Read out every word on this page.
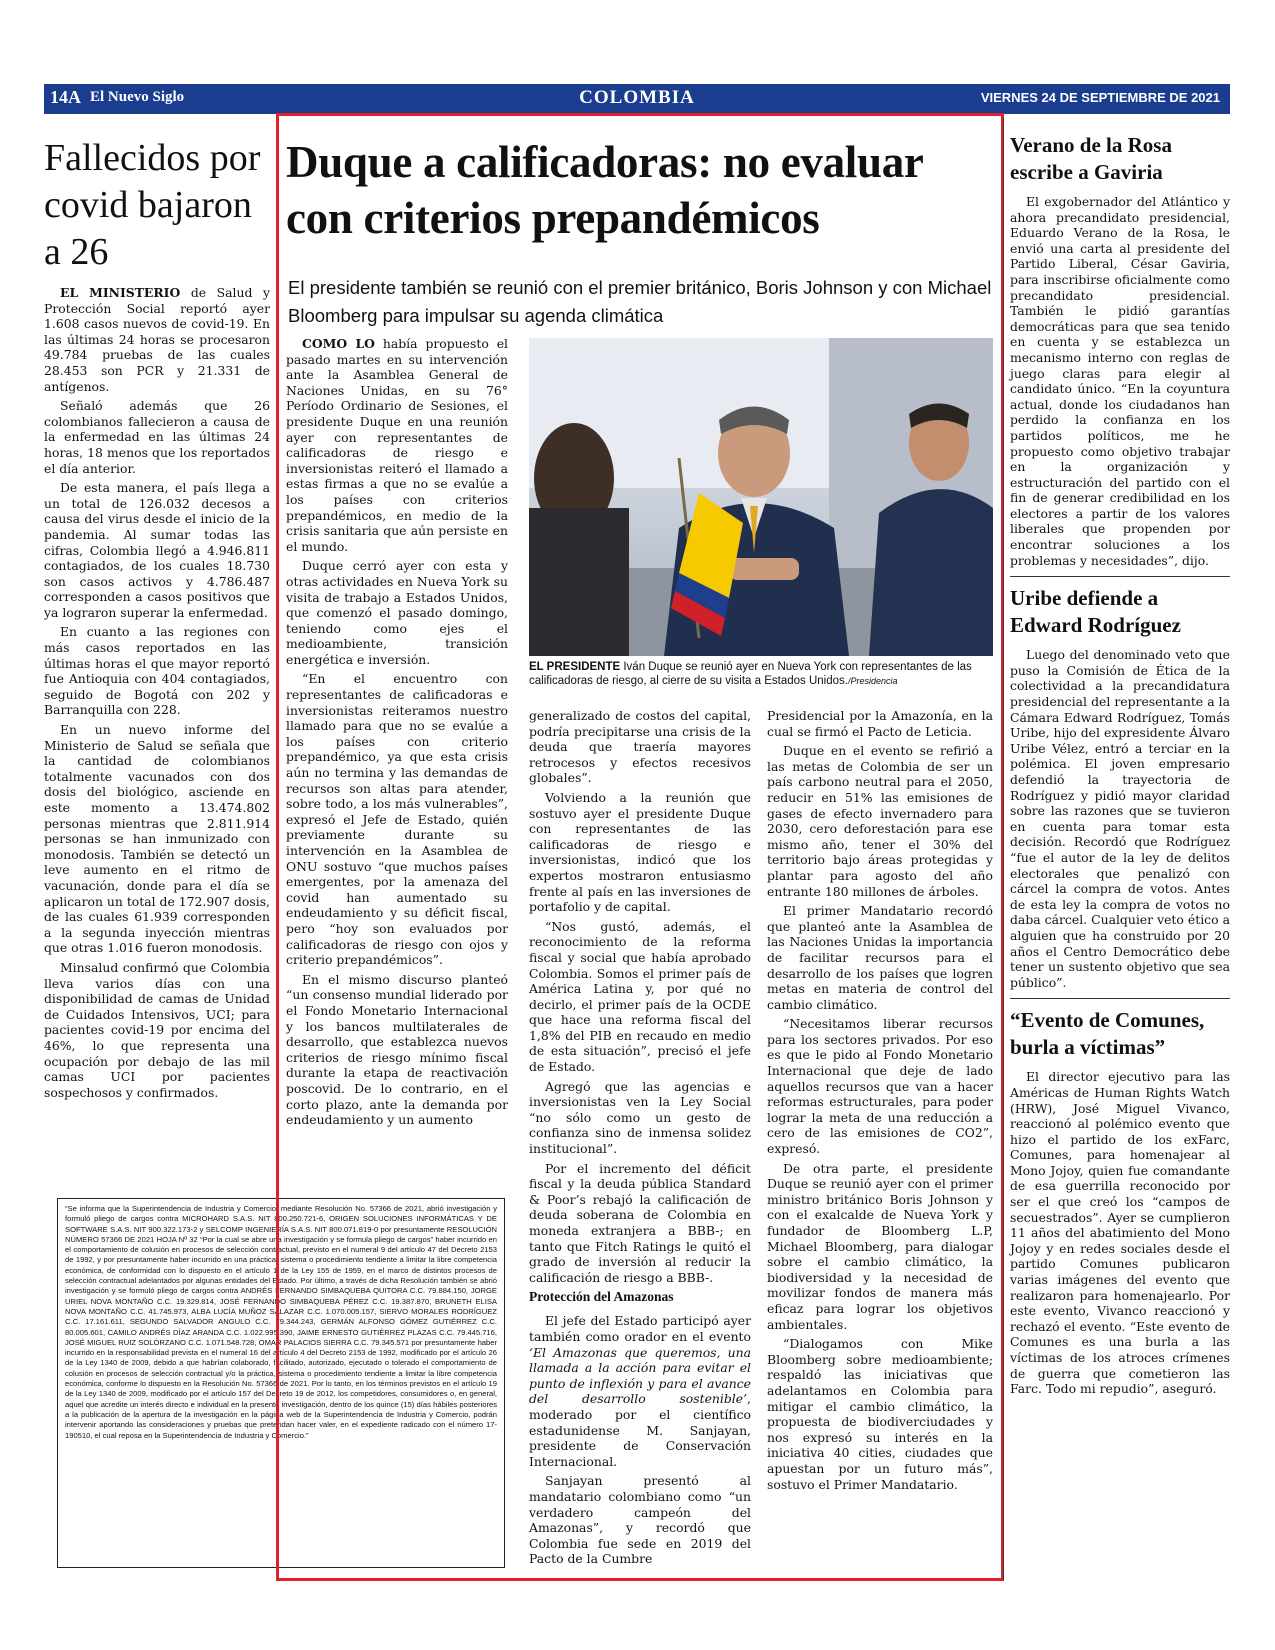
14A El Nuevo Siglo	COLOMBIA	VIERNES 24 DE SEPTIEMBRE DE 2021
Fallecidos por covid bajaron a 26

EL MINISTERIO de Salud y Protección Social reportó ayer 1.608 casos nuevos de covid-19. En las últimas 24 horas se procesaron 49.784 pruebas de las cuales 28.453 son PCR y 21.331 de antígenos.

Señaló además que 26 colombianos fallecieron a causa de la enfermedad en las últimas 24 horas, 18 menos que los reportados el día anterior.

De esta manera, el país llega a un total de 126.032 decesos a causa del virus desde el inicio de la pandemia. Al sumar todas las cifras, Colombia llegó a 4.946.811 contagiados, de los cuales 18.730 son casos activos y 4.786.487 corresponden a casos positivos que ya lograron superar la enfermedad.

En cuanto a las regiones con más casos reportados en las últimas horas el que mayor reportó fue Antioquia con 404 contagiados, seguido de Bogotá con 202 y Barranquilla con 228.

En un nuevo informe del Ministerio de Salud se señala que la cantidad de colombianos totalmente vacunados con dos dosis del biológico, asciende en este momento a 13.474.802 personas mientras que 2.811.914 personas se han inmunizado con monodosis. También se detectó un leve aumento en el ritmo de vacunación, donde para el día se aplicaron un total de 172.907 dosis, de las cuales 61.939 corresponden a la segunda inyección mientras que otras 1.016 fueron monodosis.

Minsalud confirmó que Colombia lleva varios días con una disponibilidad de camas de Unidad de Cuidados Intensivos, UCI; para pacientes covid-19 por encima del 46%, lo que representa una ocupación por debajo de las mil camas UCI por pacientes sospechosos y confirmados.

“Se informa que la Superintendencia de Industria y Comercio, mediante Resolución No. 57366 de 2021, abrió investigación y formuló pliego de cargos contra MICROHARD S.A.S. NIT 800.250.721-6, ORIGEN SOLUCIONES INFORMÁTICAS Y DE SOFTWARE S.A.S. NIT 900.322.173-2 y SELCOMP INGENIERÍA S.A.S. NIT 800.071.819-0 por presuntamente RESOLUCIÓN NÚMERO 57366 DE 2021 HOJA Nº 32 “Por la cual se abre una investigación y se formula pliego de cargos” haber incurrido en el comportamiento de colusión en procesos de selección contractual, previsto en el numeral 9 del artículo 47 del Decreto 2153 de 1992, y por presuntamente haber incurrido en una práctica, sistema o procedimiento tendiente a limitar la libre competencia económica, de conformidad con lo dispuesto en el artículo 1 de la Ley 155 de 1959, en el marco de distintos procesos de selección contractual adelantados por algunas entidades del Estado. Por último, a través de dicha Resolución también se abrió investigación y se formuló pliego de cargos contra ANDRÉS FERNANDO SIMBAQUEBA QUITORA C.C. 79.884.150, JORGE URIEL NOVA MONTAÑO C.C. 19.329.814, JOSÉ FERNANDO SIMBAQUEBA PÉREZ C.C. 19.387.870, BRUNETH ELISA NOVA MONTAÑO C.C. 41.745.973, ALBA LUCÍA MUÑOZ SALAZAR C.C. 1.070.005.157, SIERVO MORALES RODRÍGUEZ C.C. 17.161.611, SEGUNDO SALVADOR ANGULO C.C. 79.344.243, GERMÁN ALFONSO GÓMEZ GUTIÉRREZ C.C. 80.005.601, CAMILO ANDRÉS DÍAZ ARANDA C.C. 1.022.995.390, JAIME ERNESTO GUTIÉRREZ PLAZAS C.C. 79.445.716, JOSÉ MIGUEL RUIZ SOLÓRZANO C.C. 1.071.548.728, OMAR PALACIOS SIERRA C.C. 79.345.571 por presuntamente haber incurrido en la responsabilidad prevista en el numeral 16 del artículo 4 del Decreto 2153 de 1992, modificado por el artículo 26 de la Ley 1340 de 2009, debido a que habrían colaborado, facilitado, autorizado, ejecutado o tolerado el comportamiento de colusión en procesos de selección contractual y/o la práctica, sistema o procedimiento tendiente a limitar la libre competencia económica, conforme lo dispuesto en la Resolución No. 57366 de 2021. Por lo tanto, en los términos previstos en el artículo 19 de la Ley 1340 de 2009, modificado por el artículo 157 del Decreto 19 de 2012, los competidores, consumidores o, en general, aquel que acredite un interés directo e individual en la presente investigación, dentro de los quince (15) días hábiles posteriores a la publicación de la apertura de la investigación en la página web de la Superintendencia de Industria y Comercio, podrán intervenir aportando las consideraciones y pruebas que pretendan hacer valer, en el expediente radicado con el número 17-190510, el cual reposa en la Superintendencia de Industria y Comercio.”
Duque a calificadoras: no evaluar con criterios prepandémicos
El presidente también se reunió con el premier británico, Boris Johnson y con Michael Bloomberg para impulsar su agenda climática

COMO LO había propuesto el pasado martes en su intervención ante la Asamblea General de Naciones Unidas, en su 76° Período Ordinario de Sesiones, el presidente Duque en una reunión ayer con representantes de calificadoras de riesgo e inversionistas reiteró el llamado a estas firmas a que no se evalúe a los países con criterios prepandémicos, en medio de la crisis sanitaria que aún persiste en el mundo.

Duque cerró ayer con esta y otras actividades en Nueva York su visita de trabajo a Estados Unidos, que comenzó el pasado domingo, teniendo como ejes el medioambiente, transición energética e inversión.

“En el encuentro con representantes de calificadoras e inversionistas reiteramos nuestro llamado para que no se evalúe a los países con criterio prepandémico, ya que esta crisis aún no termina y las demandas de recursos son altas para atender, sobre todo, a los más vulnerables”, expresó el Jefe de Estado, quién previamente durante su intervención en la Asamblea de ONU sostuvo “que muchos países emergentes, por la amenaza del covid han aumentado su endeudamiento y su déficit fiscal, pero “hoy son evaluados por calificadoras de riesgo con ojos y criterio prepandémicos”.

En el mismo discurso planteó “un consenso mundial liderado por el Fondo Monetario Internacional y los bancos multilaterales de desarrollo, que establezca nuevos criterios de riesgo mínimo fiscal durante la etapa de reactivación poscovid. De lo contrario, en el corto plazo, ante la demanda por endeudamiento y un aumento

EL PRESIDENTE Iván Duque se reunió ayer en Nueva York con representantes de las calificadoras de riesgo, al cierre de su visita a Estados Unidos./Presidencia

generalizado de costos del capital, podría precipitarse una crisis de la deuda que traería mayores retrocesos y efectos recesivos globales”.

Volviendo a la reunión que sostuvo ayer el presidente Duque con representantes de las calificadoras de riesgo e inversionistas, indicó que los expertos mostraron entusiasmo frente al país en las inversiones de portafolio y de capital.

“Nos gustó, además, el reconocimiento de la reforma fiscal y social que había aprobado Colombia. Somos el primer país de América Latina y, por qué no decirlo, el primer país de la OCDE que hace una reforma fiscal del 1,8% del PIB en recaudo en medio de esta situación”, precisó el jefe de Estado.

Agregó que las agencias e inversionistas ven la Ley Social “no sólo como un gesto de confianza sino de inmensa solidez institucional”.

Por el incremento del déficit fiscal y la deuda pública Standard & Poor’s rebajó la calificación de deuda soberana de Colombia en moneda extranjera a BBB-; en tanto que Fitch Ratings le quitó el grado de inversión al reducir la calificación de riesgo a BBB-.

Protección del Amazonas

El jefe del Estado participó ayer también como orador en el evento ‘El Amazonas que queremos, una llamada a la acción para evitar el punto de inflexión y para el avance del desarrollo sostenible’, moderado por el científico estadunidense M. Sanjayan, presidente de Conservación Internacional.

Sanjayan presentó al mandatario colombiano como “un verdadero campeón del Amazonas”, y recordó que Colombia fue sede en 2019 del Pacto de la Cumbre

Presidencial por la Amazonía, en la cual se firmó el Pacto de Leticia.

Duque en el evento se refirió a las metas de Colombia de ser un país carbono neutral para el 2050, reducir en 51% las emisiones de gases de efecto invernadero para 2030, cero deforestación para ese mismo año, tener el 30% del territorio bajo áreas protegidas y plantar para agosto del año entrante 180 millones de árboles.

El primer Mandatario recordó que planteó ante la Asamblea de las Naciones Unidas la importancia de facilitar recursos para el desarrollo de los países que logren metas en materia de control del cambio climático.

“Necesitamos liberar recursos para los sectores privados. Por eso es que le pido al Fondo Monetario Internacional que deje de lado aquellos recursos que van a hacer reformas estructurales, para poder lograr la meta de una reducción a cero de las emisiones de CO2”, expresó.

De otra parte, el presidente Duque se reunió ayer con el primer ministro británico Boris Johnson y con el exalcalde de Nueva York y fundador de Bloomberg L.P, Michael Bloomberg, para dialogar sobre el cambio climático, la biodiversidad y la necesidad de movilizar fondos de manera más eficaz para lograr los objetivos ambientales.

“Dialogamos con Mike Bloomberg sobre medioambiente; respaldó las iniciativas que adelantamos en Colombia para mitigar el cambio climático, la propuesta de biodiverciudades y nos expresó su interés en la iniciativa 40 cities, ciudades que apuestan por un futuro más”, sostuvo el Primer Mandatario.

Verano de la Rosa escribe a Gaviria

El exgobernador del Atlántico y ahora precandidato presidencial, Eduardo Verano de la Rosa, le envió una carta al presidente del Partido Liberal, César Gaviria, para inscribirse oficialmente como precandidato presidencial. También le pidió garantías democráticas para que sea tenido en cuenta y se establezca un mecanismo interno con reglas de juego claras para elegir al candidato único. “En la coyuntura actual, donde los ciudadanos han perdido la confianza en los partidos políticos, me he propuesto como objetivo trabajar en la organización y estructuración del partido con el fin de generar credibilidad en los electores a partir de los valores liberales que propenden por encontrar soluciones a los problemas y necesidades”, dijo.

Uribe defiende a Edward Rodríguez

Luego del denominado veto que puso la Comisión de Ética de la colectividad a la precandidatura presidencial del representante a la Cámara Edward Rodríguez, Tomás Uribe, hijo del expresidente Álvaro Uribe Vélez, entró a terciar en la polémica. El joven empresario defendió la trayectoria de Rodríguez y pidió mayor claridad sobre las razones que se tuvieron en cuenta para tomar esta decisión. Recordó que Rodríguez “fue el autor de la ley de delitos electorales que penalizó con cárcel la compra de votos. Antes de esta ley la compra de votos no daba cárcel. Cualquier veto ético a alguien que ha construido por 20 años el Centro Democrático debe tener un sustento objetivo que sea público”.

“Evento de Comunes, burla a víctimas”

El director ejecutivo para las Américas de Human Rights Watch (HRW), José Miguel Vivanco, reaccionó al polémico evento que hizo el partido de los exFarc, Comunes, para homenajear al Mono Jojoy, quien fue comandante de esa guerrilla reconocido por ser el que creó los “campos de secuestrados”. Ayer se cumplieron 11 años del abatimiento del Mono Jojoy y en redes sociales desde el partido Comunes publicaron varias imágenes del evento que realizaron para homenajearlo. Por este evento, Vivanco reaccionó y rechazó el evento. “Este evento de Comunes es una burla a las víctimas de los atroces crímenes de guerra que cometieron las Farc. Todo mi repudio”, aseguró.
